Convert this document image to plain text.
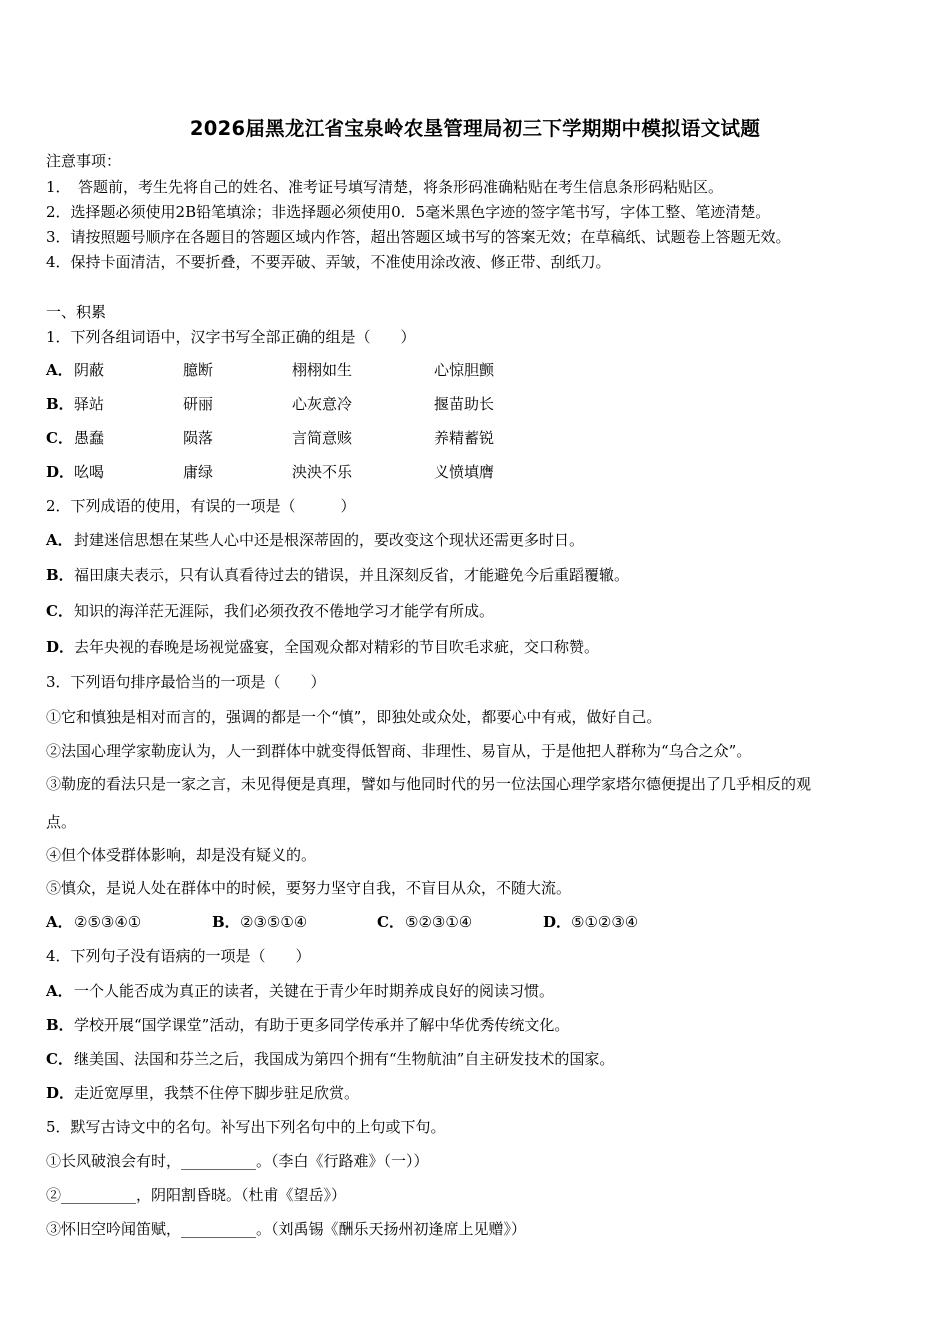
2026届黑龙江省宝泉岭农垦管理局初三下学期期中模拟语文试题
注意事项：
1．　答题前，考生先将自己的姓名、准考证号填写清楚，将条形码准确粘贴在考生信息条形码粘贴区。
2．选择题必须使用2B铅笔填涂；非选择题必须使用0．5毫米黑色字迹的签字笔书写，字体工整、笔迹清楚。
3．请按照题号顺序在各题目的答题区域内作答，超出答题区域书写的答案无效；在草稿纸、试题卷上答题无效。
4．保持卡面清洁，不要折叠，不要弄破、弄皱，不准使用涂改液、修正带、刮纸刀。
一、积累
1．下列各组词语中，汉字书写全部正确的组是（　　）
A． 阴蔽	臆断	栩栩如生	心惊胆颤
B． 驿站	研丽	心灰意冷	揠苗助长
C． 愚蠢	陨落	言简意赅	养精蓄锐
D． 吆喝	庸绿	泱泱不乐	义愤填膺
2．下列成语的使用，有误的一项是（　　　）
A． 封建迷信思想在某些人心中还是根深蒂固的，要改变这个现状还需更多时日。
B． 福田康夫表示，只有认真看待过去的错误，并且深刻反省，才能避免今后重蹈覆辙。
C． 知识的海洋茫无涯际，我们必须孜孜不倦地学习才能学有所成。
D． 去年央视的春晚是场视觉盛宴，全国观众都对精彩的节目吹毛求疵，交口称赞。
3．下列语句排序最恰当的一项是（　　）
①它和慎独是相对而言的，强调的都是一个“慎”，即独处或众处，都要心中有戒，做好自己。
②法国心理学家勒庞认为，人一到群体中就变得低智商、非理性、易盲从，于是他把人群称为“乌合之众”。
③勒庞的看法只是一家之言，未见得便是真理，譬如与他同时代的另一位法国心理学家塔尔德便提出了几乎相反的观
点。
④但个体受群体影响，却是没有疑义的。
⑤慎众，是说人处在群体中的时候，要努力坚守自我，不盲目从众，不随大流。
A． ②⑤③④①	B． ②③⑤①④	C． ⑤②③①④	D． ⑤①②③④
4．下列句子没有语病的一项是（　　）
A． 一个人能否成为真正的读者，关键在于青少年时期养成良好的阅读习惯。
B． 学校开展“国学课堂”活动，有助于更多同学传承并了解中华优秀传统文化。
C． 继美国、法国和芬兰之后，我国成为第四个拥有“生物航油”自主研发技术的国家。
D． 走近宽厚里，我禁不住停下脚步驻足欣赏。
5．默写古诗文中的名句。补写出下列名句中的上句或下句。
①长风破浪会有时，__________。（李白《行路难》（一））
②__________，阴阳割昏晓。（杜甫《望岳》）
③怀旧空吟闻笛赋，__________。（刘禹锡《酬乐天扬州初逢席上见赠》）
